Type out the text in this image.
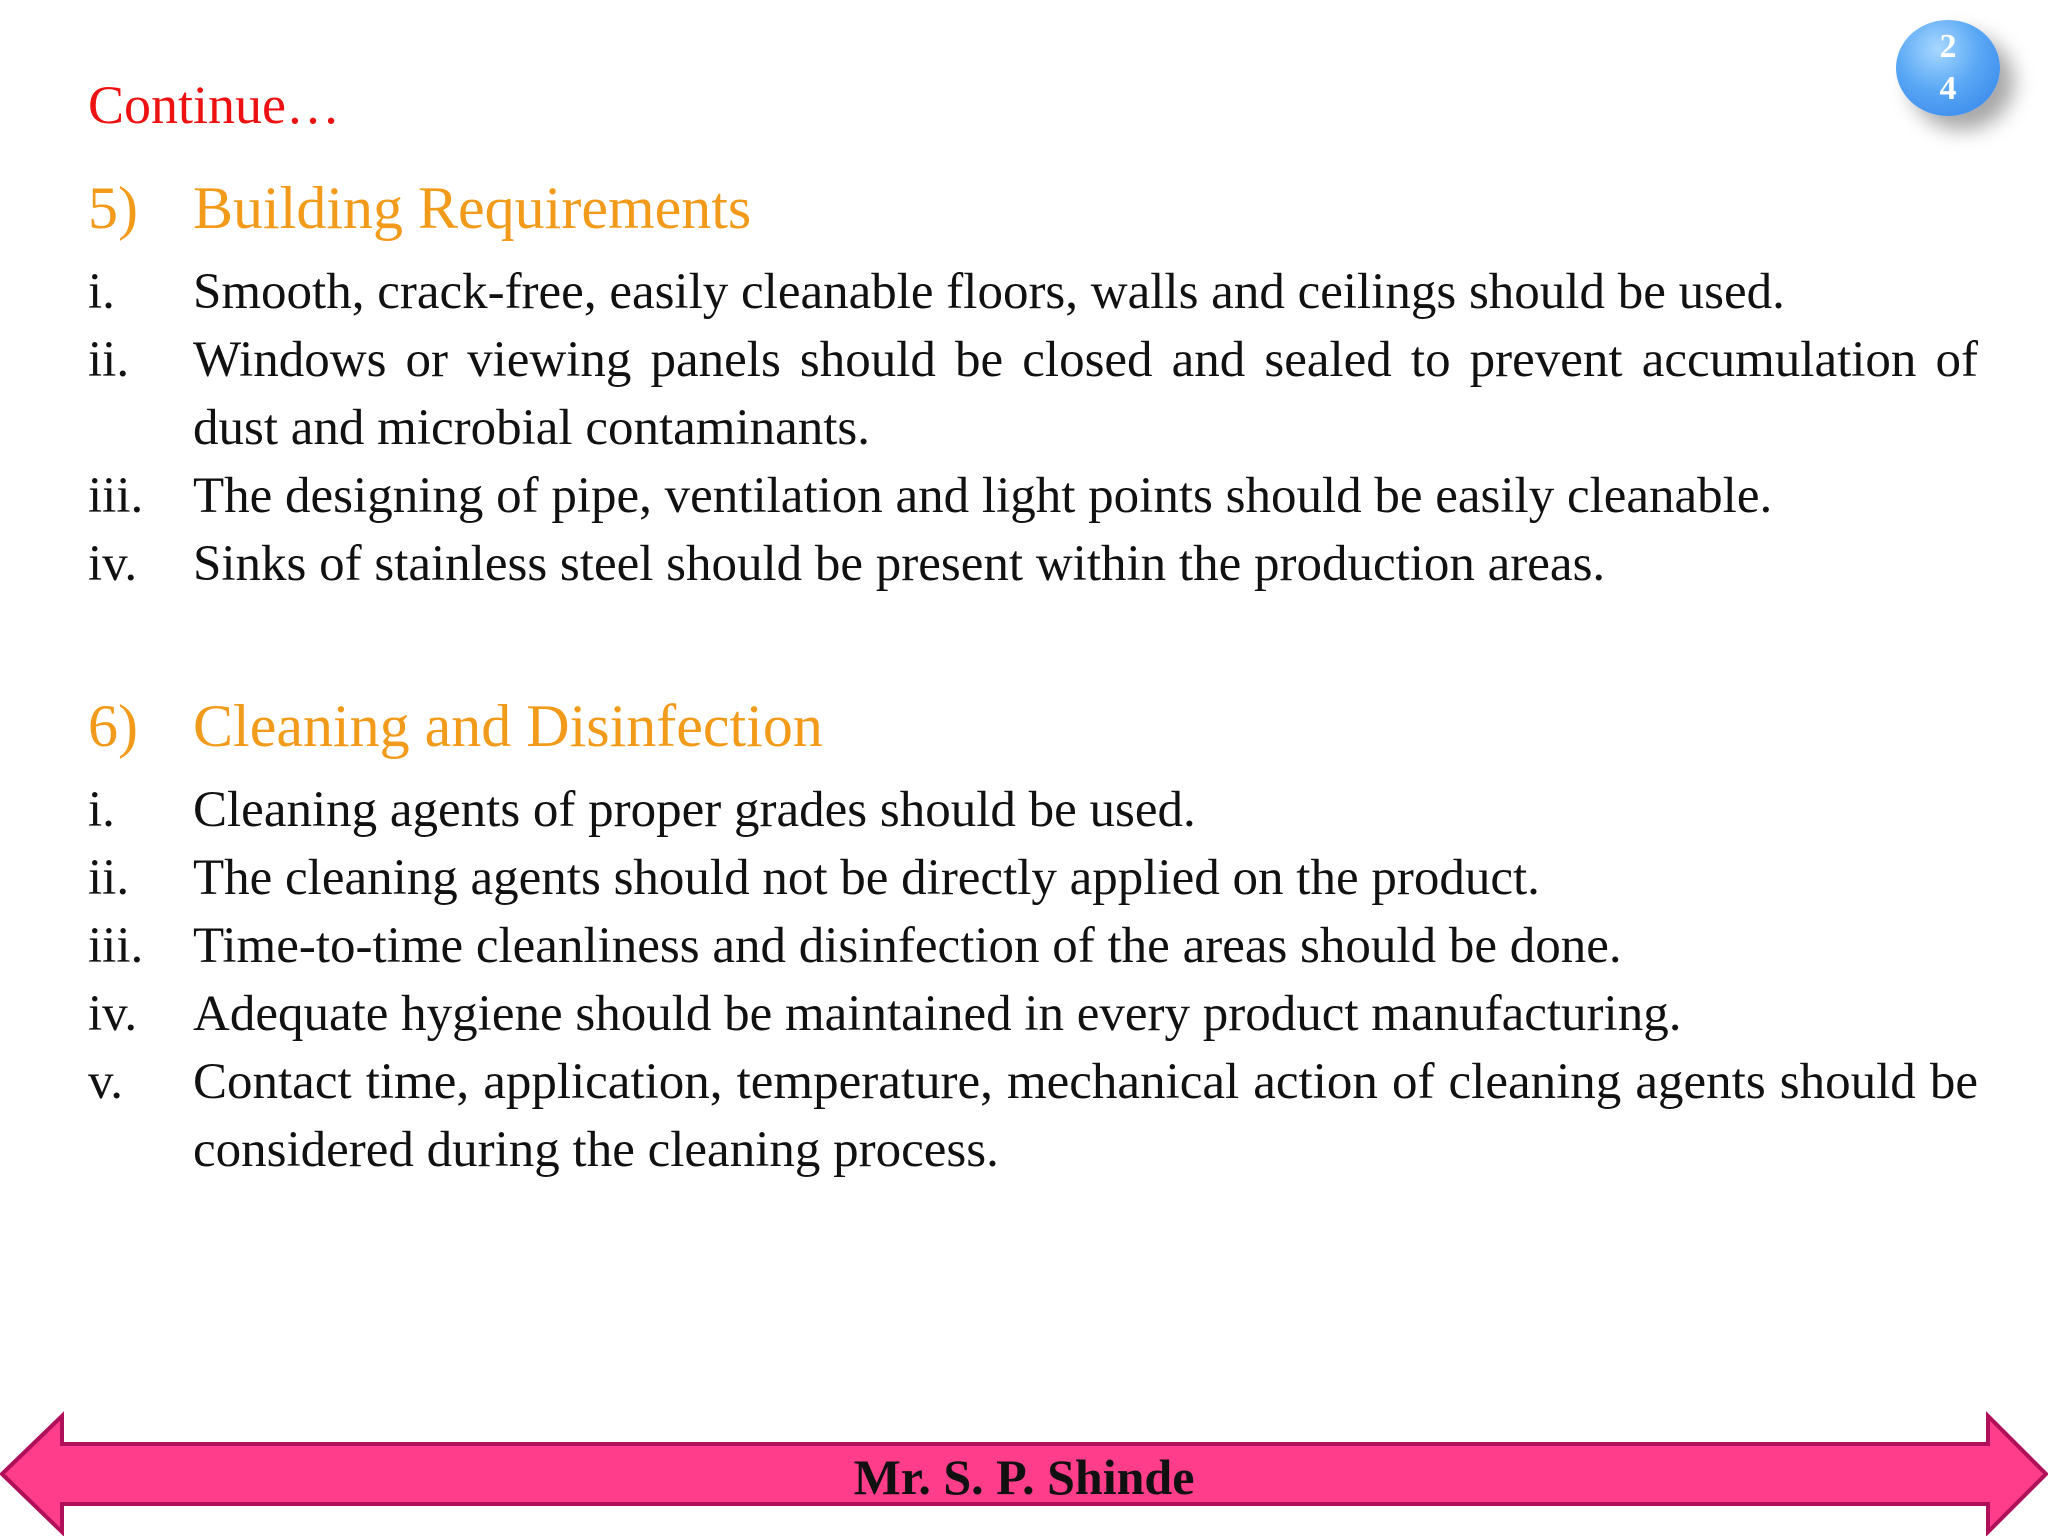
Continue…
2
4
5) Building Requirements
i.	Smooth, crack-free, easily cleanable floors, walls and ceilings should be used.
ii.	Windows or viewing panels should be closed and sealed to prevent accumulation of dust and microbial contaminants.
iii. The designing of pipe, ventilation and light points should be easily cleanable.
iv.	Sinks of stainless steel should be present within the production areas.
6) Cleaning and Disinfection
i.	Cleaning agents of proper grades should be used.
ii.	The cleaning agents should not be directly applied on the product.
iii. Time-to-time cleanliness and disinfection of the areas should be done.
iv.	Adequate hygiene should be maintained in every product manufacturing.
v.	Contact time, application, temperature, mechanical action of cleaning agents should be considered during the cleaning process.
Mr. S. P. Shinde
